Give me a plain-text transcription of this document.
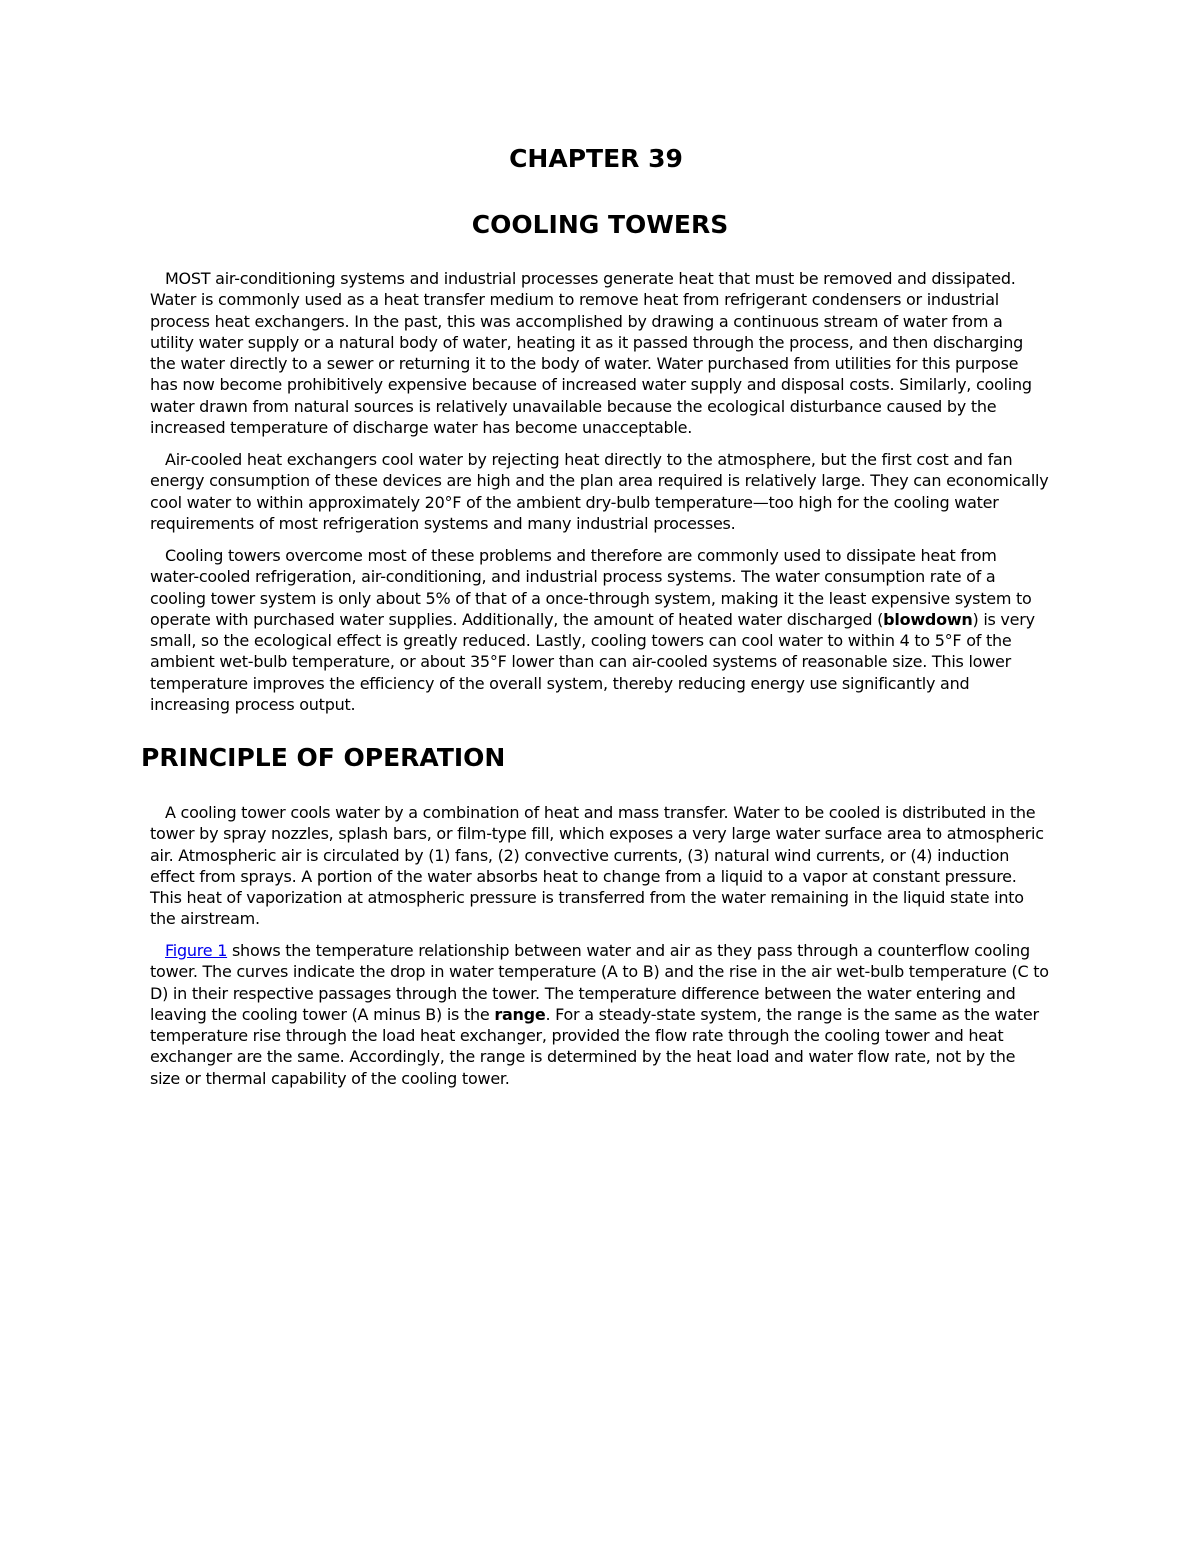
CHAPTER 39
COOLING TOWERS

MOST air-conditioning systems and industrial processes generate heat that must be removed and dissipated. Water is commonly used as a heat transfer medium to remove heat from refrigerant condensers or industrial process heat exchangers. In the past, this was accomplished by drawing a continuous stream of water from a utility water supply or a natural body of water, heating it as it passed through the process, and then discharging the water directly to a sewer or returning it to the body of water. Water purchased from utilities for this purpose has now become prohibitively expensive because of increased water supply and disposal costs. Similarly, cooling water drawn from natural sources is relatively unavailable because the ecological disturbance caused by the increased temperature of discharge water has become unacceptable.

Air-cooled heat exchangers cool water by rejecting heat directly to the atmosphere, but the first cost and fan energy consumption of these devices are high and the plan area required is relatively large. They can economically cool water to within approximately 20°F of the ambient dry-bulb temperature—too high for the cooling water requirements of most refrigeration systems and many industrial processes.

Cooling towers overcome most of these problems and therefore are commonly used to dissipate heat from water-cooled refrigeration, air-conditioning, and industrial process systems. The water consumption rate of a cooling tower system is only about 5% of that of a once-through system, making it the least expensive system to operate with purchased water supplies. Additionally, the amount of heated water discharged (blowdown) is very small, so the ecological effect is greatly reduced. Lastly, cooling towers can cool water to within 4 to 5°F of the ambient wet-bulb temperature, or about 35°F lower than can air-cooled systems of reasonable size. This lower temperature improves the efficiency of the overall system, thereby reducing energy use significantly and increasing process output.

PRINCIPLE OF OPERATION

A cooling tower cools water by a combination of heat and mass transfer. Water to be cooled is distributed in the tower by spray nozzles, splash bars, or film-type fill, which exposes a very large water surface area to atmospheric air. Atmospheric air is circulated by (1) fans, (2) convective currents, (3) natural wind currents, or (4) induction effect from sprays. A portion of the water absorbs heat to change from a liquid to a vapor at constant pressure. This heat of vaporization at atmospheric pressure is transferred from the water remaining in the liquid state into the airstream.

Figure 1 shows the temperature relationship between water and air as they pass through a counterflow cooling tower. The curves indicate the drop in water temperature (A to B) and the rise in the air wet-bulb temperature (C to D) in their respective passages through the tower. The temperature difference between the water entering and leaving the cooling tower (A minus B) is the range. For a steady-state system, the range is the same as the water temperature rise through the load heat exchanger, provided the flow rate through the cooling tower and heat exchanger are the same. Accordingly, the range is determined by the heat load and water flow rate, not by the size or thermal capability of the cooling tower.
